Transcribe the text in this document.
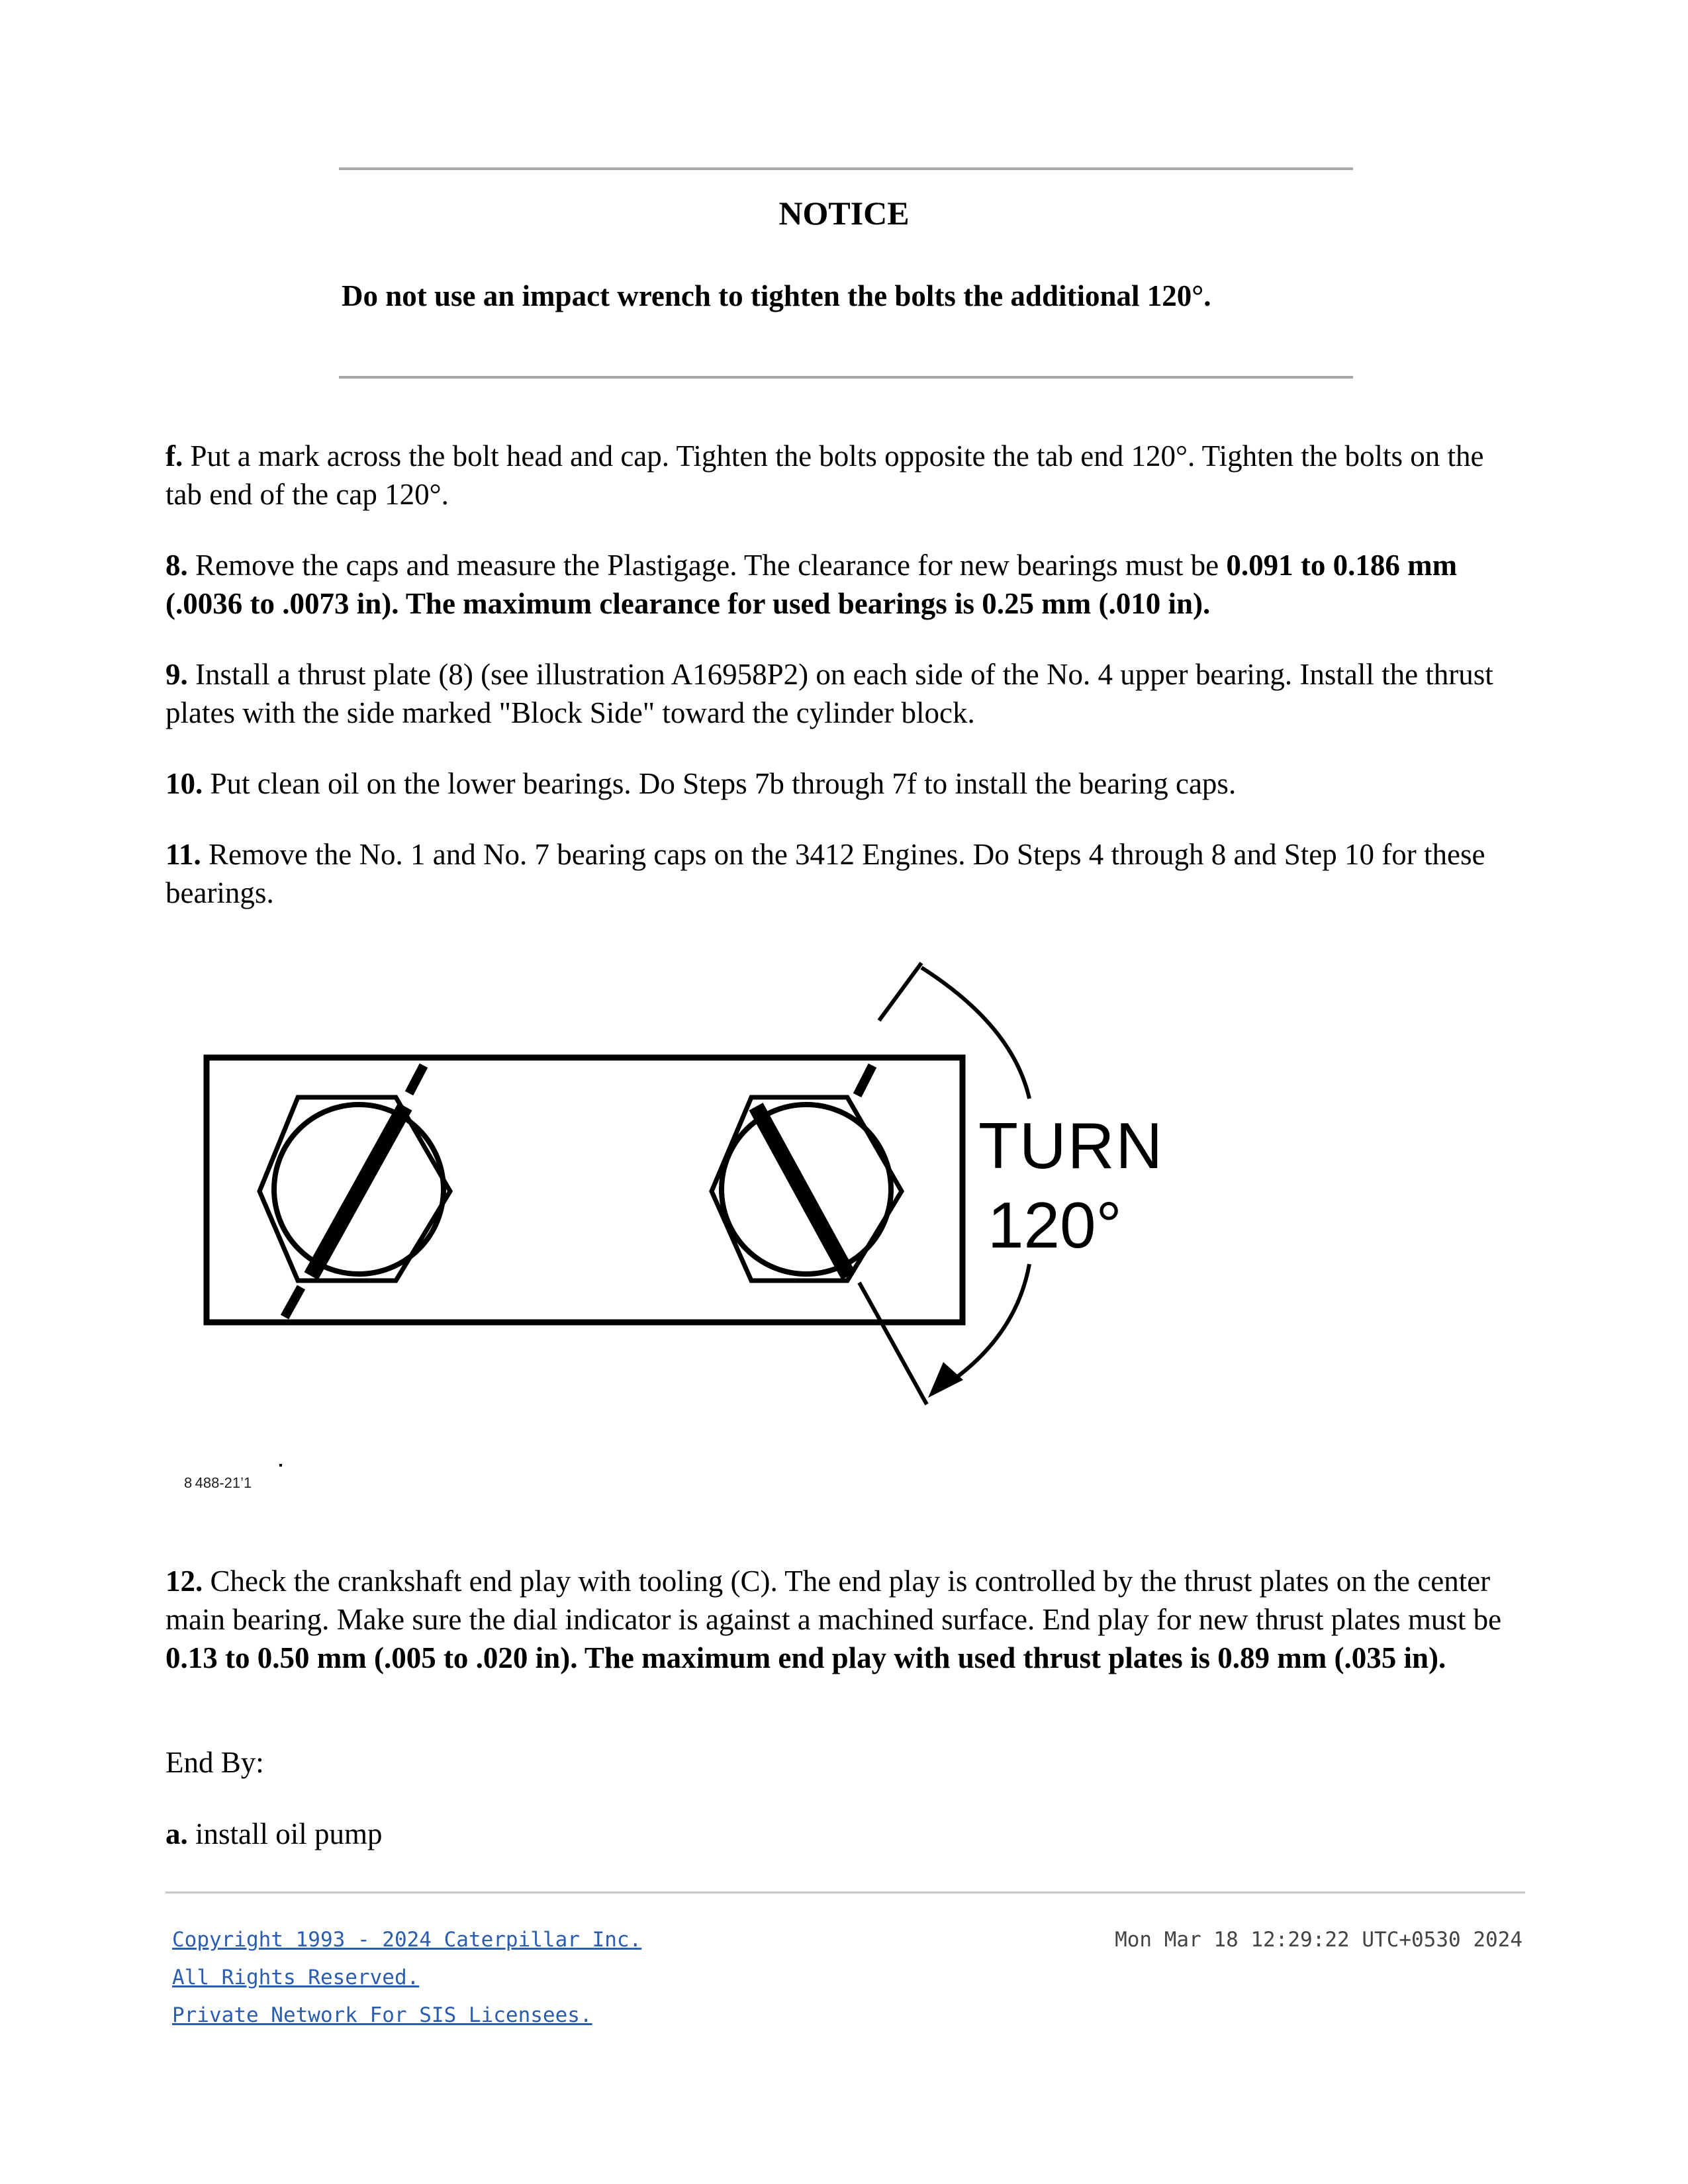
NOTICE
Do not use an impact wrench to tighten the bolts the additional 120°.

f. Put a mark across the bolt head and cap. Tighten the bolts opposite the tab end 120°. Tighten the bolts on the tab end of the cap 120°.

8. Remove the caps and measure the Plastigage. The clearance for new bearings must be 0.091 to 0.186 mm (.0036 to .0073 in). The maximum clearance for used bearings is 0.25 mm (.010 in).

9. Install a thrust plate (8) (see illustration A16958P2) on each side of the No. 4 upper bearing. Install the thrust plates with the side marked "Block Side" toward the cylinder block.

10. Put clean oil on the lower bearings. Do Steps 7b through 7f to install the bearing caps.

11. Remove the No. 1 and No. 7 bearing caps on the 3412 Engines. Do Steps 4 through 8 and Step 10 for these bearings.

TURN
120°
8 488-21’1

12. Check the crankshaft end play with tooling (C). The end play is controlled by the thrust plates on the center main bearing. Make sure the dial indicator is against a machined surface. End play for new thrust plates must be 0.13 to 0.50 mm (.005 to .020 in). The maximum end play with used thrust plates is 0.89 mm (.035 in).

End By:

a. install oil pump

Copyright 1993 - 2024 Caterpillar Inc.
All Rights Reserved.
Private Network For SIS Licensees.
Mon Mar 18 12:29:22 UTC+0530 2024
